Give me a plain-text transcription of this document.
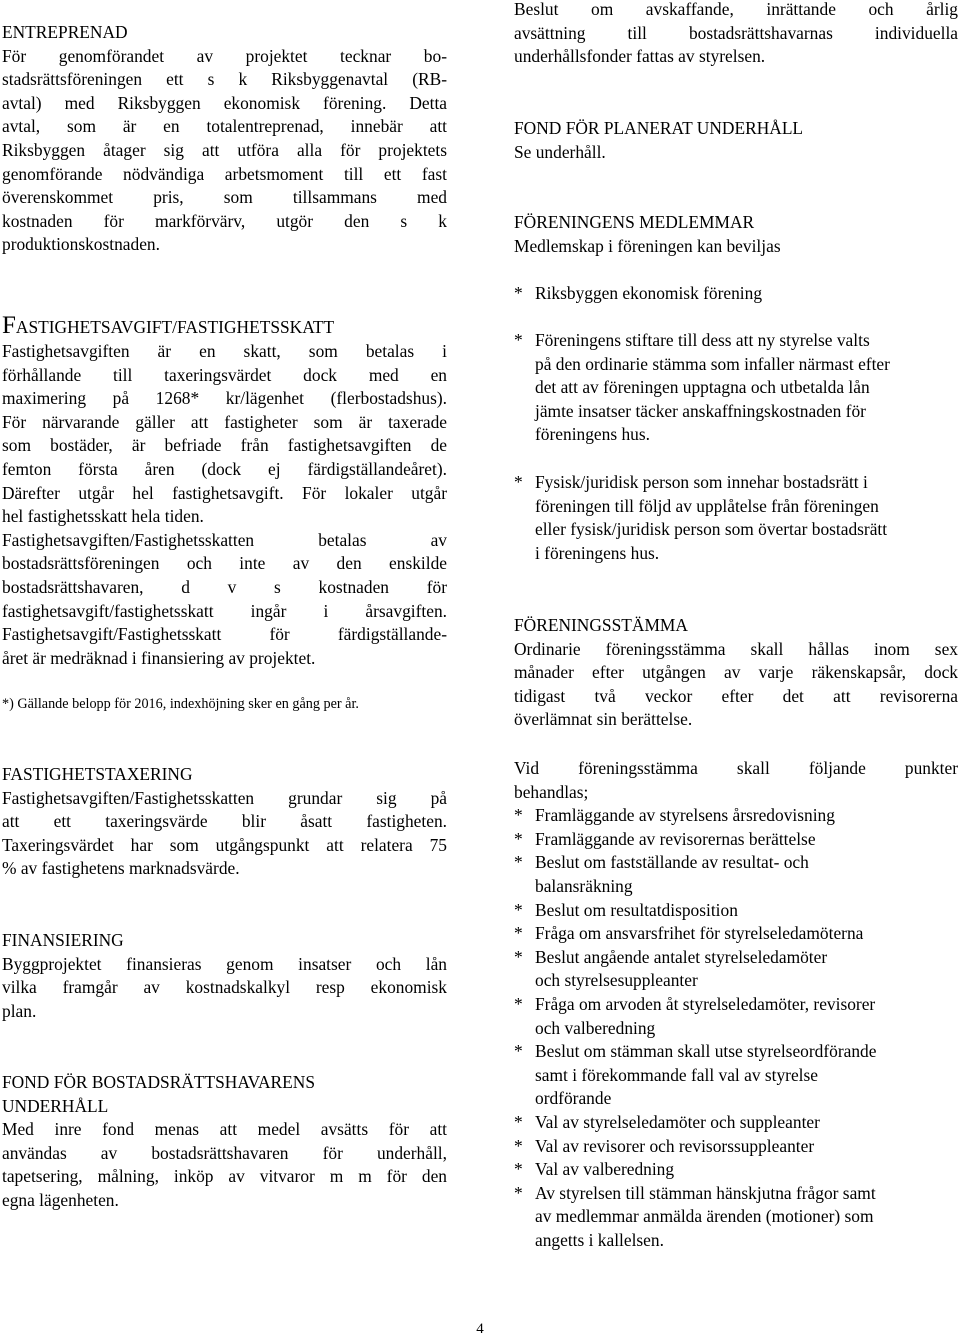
ENTREPRENAD

För genomförandet av projektet tecknar bo-

stadsrättsföreningen ett s k Riksbyggenavtal (RB-

avtal) med Riksbyggen ekonomisk förening. Detta

avtal, som är en totalentreprenad, innebär att

Riksbyggen åtager sig att utföra alla för projektets

genomförande nödvändiga arbetsmoment till ett fast

överenskommet pris, som tillsammans med

kostnaden för markförvärv, utgör den s k

produktionskostnaden.

FASTIGHETSAVGIFT/FASTIGHETSSKATT

Fastighetsavgiften är en skatt, som betalas i

förhållande till taxeringsvärdet dock med en

maximering på 1268* kr/lägenhet (flerbostadshus).

För närvarande gäller att fastigheter som är taxerade

som bostäder, är befriade från fastighetsavgiften de

femton första åren (dock ej färdigställandeåret).

Därefter utgår hel fastighetsavgift. För lokaler utgår

hel fastighetsskatt hela tiden.

Fastighetsavgiften/Fastighetsskatten betalas av

bostadsrättsföreningen och inte av den enskilde

bostadsrättshavaren, d v s kostnaden för

fastighetsavgift/fastighetsskatt ingår i årsavgiften.

Fastighetsavgift/Fastighetsskatt för färdigställande-

året är medräknad i finansiering av projektet.

*) Gällande belopp för 2016, indexhöjning sker en gång per år.

FASTIGHETSTAXERING

Fastighetsavgiften/Fastighetsskatten grundar sig på

att ett taxeringsvärde blir åsatt fastigheten.

Taxeringsvärdet har som utgångspunkt att relatera 75

% av fastighetens marknadsvärde.

FINANSIERING

Byggprojektet finansieras genom insatser och lån

vilka framgår av kostnadskalkyl resp ekonomisk

plan.

FOND FÖR BOSTADSRÄTTSHAVARENS

UNDERHÅLL

Med inre fond menas att medel avsätts för att

användas av bostadsrättshavaren för underhåll,

tapetsering, målning, inköp av vitvaror m m för den

egna lägenheten.

Beslut om avskaffande, inrättande och årlig

avsättning till bostadsrättshavarnas individuella

underhållsfonder fattas av styrelsen.

FOND FÖR PLANERAT UNDERHÅLL

Se underhåll.

FÖRENINGENS MEDLEMMAR

Medlemskap i föreningen kan beviljas

* Riksbyggen ekonomisk förening
* Föreningens stiftare till dess att ny styrelse valts
på den ordinarie stämma som infaller närmast efter
det att av föreningen upptagna och utbetalda lån
jämte insatser täcker anskaffningskostnaden för
föreningens hus.
* Fysisk/juridisk person som innehar bostadsrätt i
föreningen till följd av upplåtelse från föreningen
eller fysisk/juridisk person som övertar bostadsrätt
i föreningens hus.

FÖRENINGSSTÄMMA

Ordinarie föreningsstämma skall hållas inom sex

månader efter utgången av varje räkenskapsår, dock

tidigast två veckor efter det att revisorerna

överlämnat sin berättelse.

Vid föreningsstämma skall följande punkter

behandlas;

* Framläggande av styrelsens årsredovisning
* Framläggande av revisorernas berättelse
* Beslut om fastställande av resultat- och
balansräkning
* Beslut om resultatdisposition
* Fråga om ansvarsfrihet för styrelseledamöterna
* Beslut angående antalet styrelseledamöter
och styrelsesuppleanter
* Fråga om arvoden åt styrelseledamöter, revisorer
och valberedning
* Beslut om stämman skall utse styrelseordförande
samt i förekommande fall val av styrelse
ordförande
* Val av styrelseledamöter och suppleanter
* Val av revisorer och revisorssuppleanter
* Val av valberedning
* Av styrelsen till stämman hänskjutna frågor samt
av medlemmar anmälda ärenden (motioner) som
angetts i kallelsen.
4
